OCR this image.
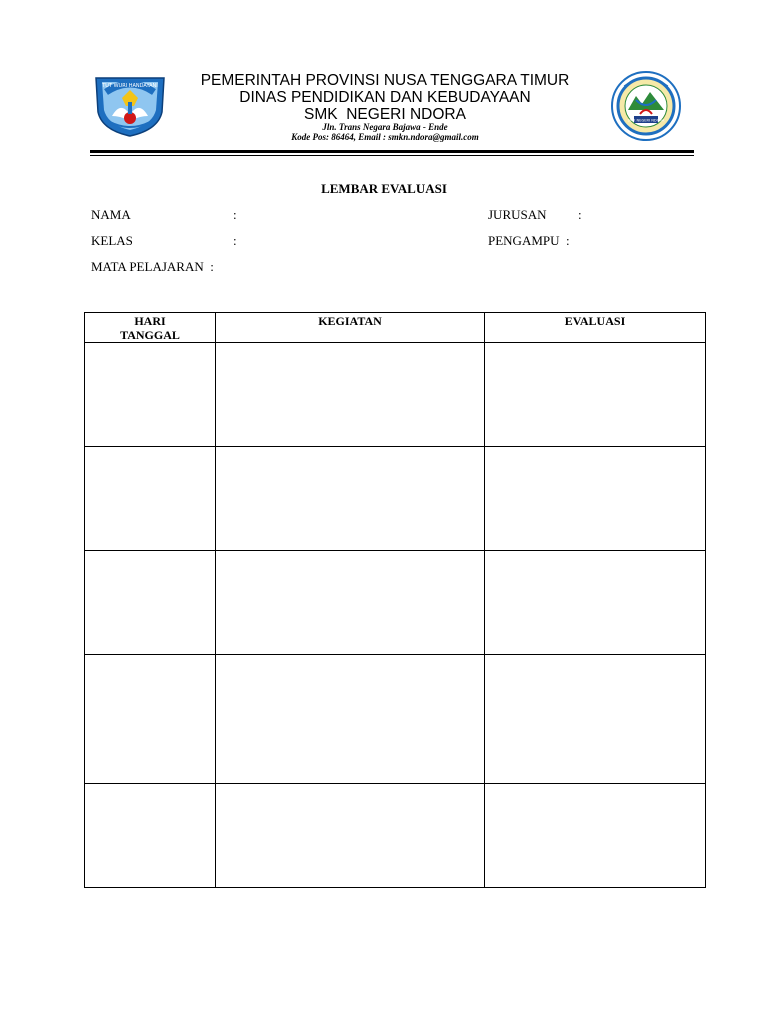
TUT WURI HANDAYANI
SMK NEGERI NDORA
PEMERINTAH PROVINSI NUSA TENGGARA TIMUR
DINAS PENDIDIKAN DAN KEBUDAYAAN
SMK  NEGERI NDORA
Jln. Trans Negara Bajawa - Ende
Kode Pos: 86464, Email : smkn.ndora@gmail.com
LEMBAR EVALUASI
NAMA	:
KELAS	:
MATA PELAJARAN  :
JURUSAN :
PENGAMPU  :
HARI TANGGAL	KEGIATAN	EVALUASI
